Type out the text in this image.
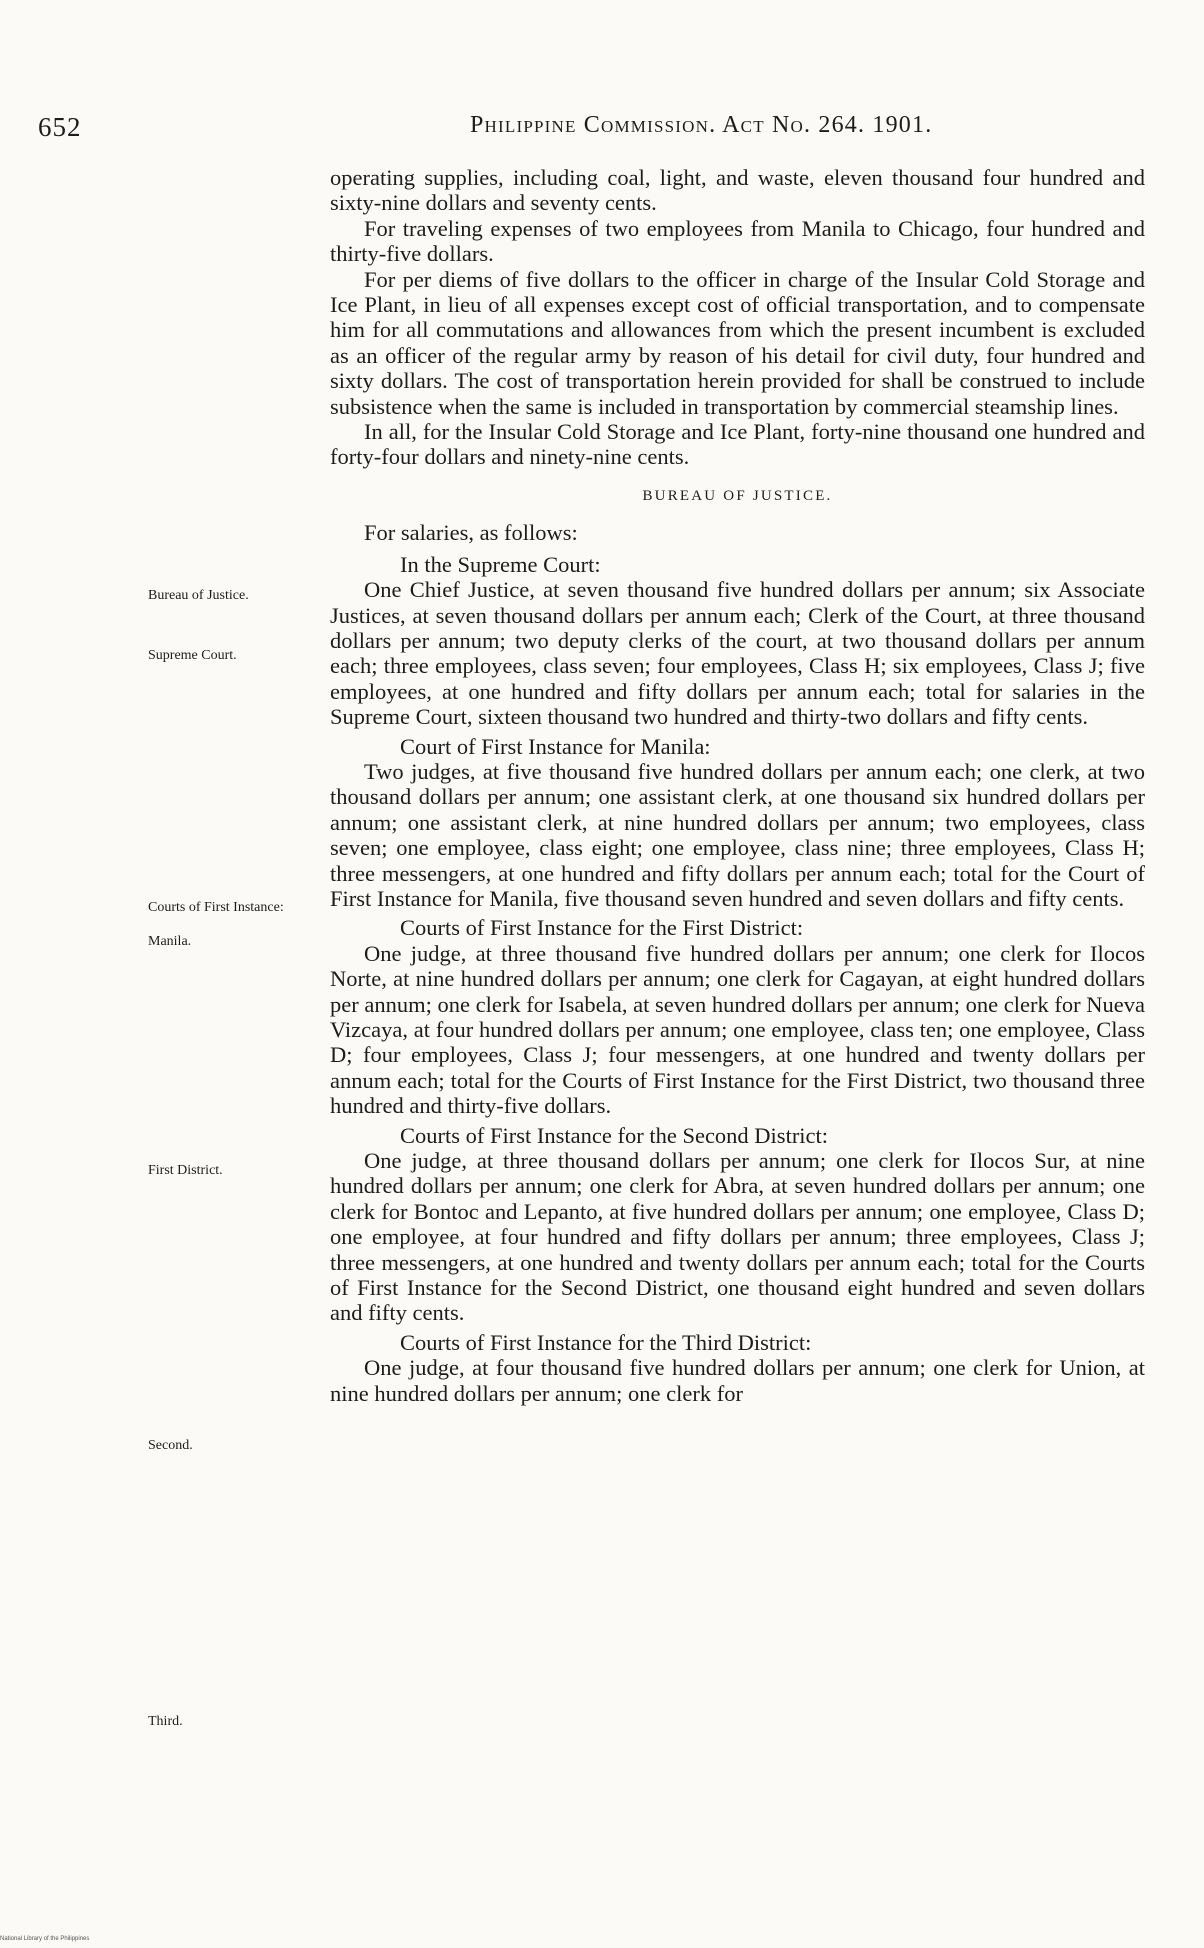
652	Philippine Commission. Act No. 264. 1901.
Bureau of Justice.
Supreme Court.
Courts of First Instance:
Manila.
First District.
Second.
Third.

operating supplies, including coal, light, and waste, eleven thousand four hundred and sixty-nine dollars and seventy cents.

For traveling expenses of two employees from Manila to Chicago, four hundred and thirty-five dollars.

For per diems of five dollars to the officer in charge of the Insular Cold Storage and Ice Plant, in lieu of all expenses except cost of official transportation, and to compensate him for all commutations and allowances from which the present incumbent is excluded as an officer of the regular army by reason of his detail for civil duty, four hundred and sixty dollars. The cost of transportation herein provided for shall be construed to include subsistence when the same is included in transportation by commercial steamship lines.

In all, for the Insular Cold Storage and Ice Plant, forty-nine thousand one hundred and forty-four dollars and ninety-nine cents.

BUREAU OF JUSTICE.

For salaries, as follows:

In the Supreme Court:

One Chief Justice, at seven thousand five hundred dollars per annum; six Associate Justices, at seven thousand dollars per annum each; Clerk of the Court, at three thousand dollars per annum; two deputy clerks of the court, at two thousand dollars per annum each; three employees, class seven; four employees, Class H; six employees, Class J; five employees, at one hundred and fifty dollars per annum each; total for salaries in the Supreme Court, sixteen thousand two hundred and thirty-two dollars and fifty cents.

Court of First Instance for Manila:

Two judges, at five thousand five hundred dollars per annum each; one clerk, at two thousand dollars per annum; one assistant clerk, at one thousand six hundred dollars per annum; one assistant clerk, at nine hundred dollars per annum; two employees, class seven; one employee, class eight; one employee, class nine; three employees, Class H; three messengers, at one hundred and fifty dollars per annum each; total for the Court of First Instance for Manila, five thousand seven hundred and seven dollars and fifty cents.

Courts of First Instance for the First District:

One judge, at three thousand five hundred dollars per annum; one clerk for Ilocos Norte, at nine hundred dollars per annum; one clerk for Cagayan, at eight hundred dollars per annum; one clerk for Isabela, at seven hundred dollars per annum; one clerk for Nueva Vizcaya, at four hundred dollars per annum; one employee, class ten; one employee, Class D; four employees, Class J; four messengers, at one hundred and twenty dollars per annum each; total for the Courts of First Instance for the First District, two thousand three hundred and thirty-five dollars.

Courts of First Instance for the Second District:

One judge, at three thousand dollars per annum; one clerk for Ilocos Sur, at nine hundred dollars per annum; one clerk for Abra, at seven hundred dollars per annum; one clerk for Bontoc and Lepanto, at five hundred dollars per annum; one employee, Class D; one employee, at four hundred and fifty dollars per annum; three employees, Class J; three messengers, at one hundred and twenty dollars per annum each; total for the Courts of First Instance for the Second District, one thousand eight hundred and seven dollars and fifty cents.

Courts of First Instance for the Third District:

One judge, at four thousand five hundred dollars per annum; one clerk for Union, at nine hundred dollars per annum; one clerk for

National Library of the Philippines
